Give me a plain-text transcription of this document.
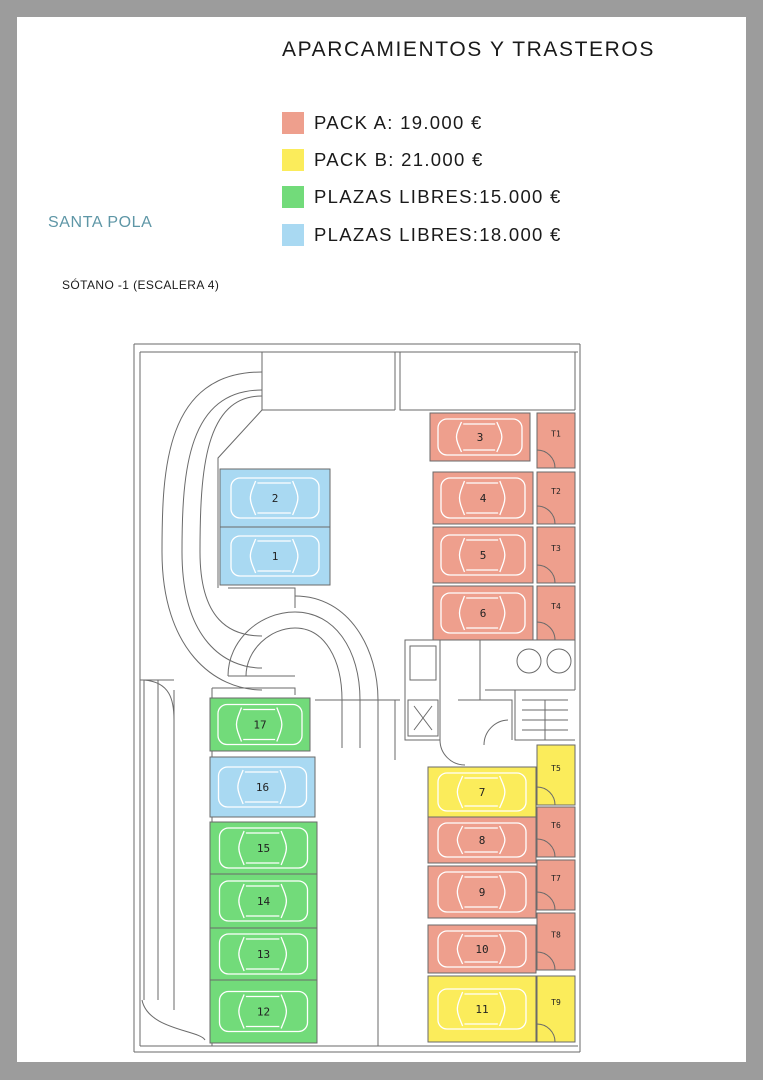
APARCAMIENTOS Y TRASTEROS
PACK A: 19.000 €
PACK B: 21.000 €
PLAZAS LIBRES:15.000 €
PLAZAS LIBRES:18.000 €
SANTA POLA
SÓTANO -1 (ESCALERA 4)
1
2
3
4
5
6
7
8
9
10
11
12
13
14
15
16
17
T1
T2
T3
T4
T5
T6
T7
T8
T9
